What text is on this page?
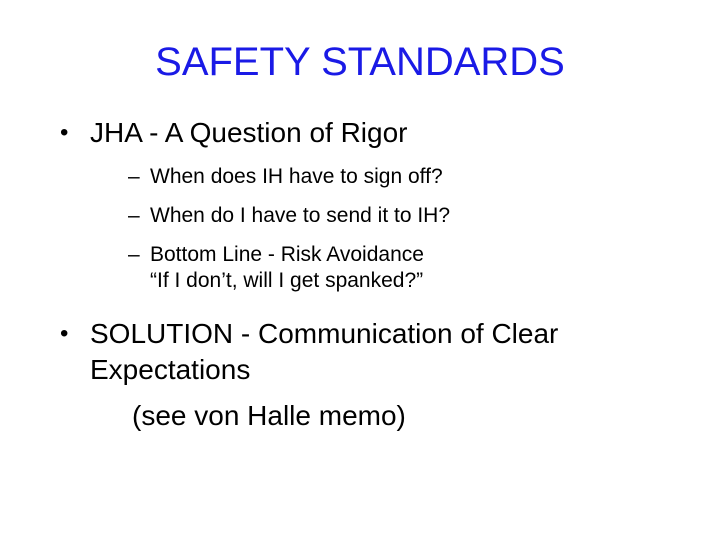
SAFETY STANDARDS
• JHA - A Question of Rigor
– When does IH have to sign off?
– When do I have to send it to IH?
– Bottom Line - Risk Avoidance
“If I don’t, will I get spanked?”
• SOLUTION - Communication of Clear
Expectations
(see von Halle memo)
